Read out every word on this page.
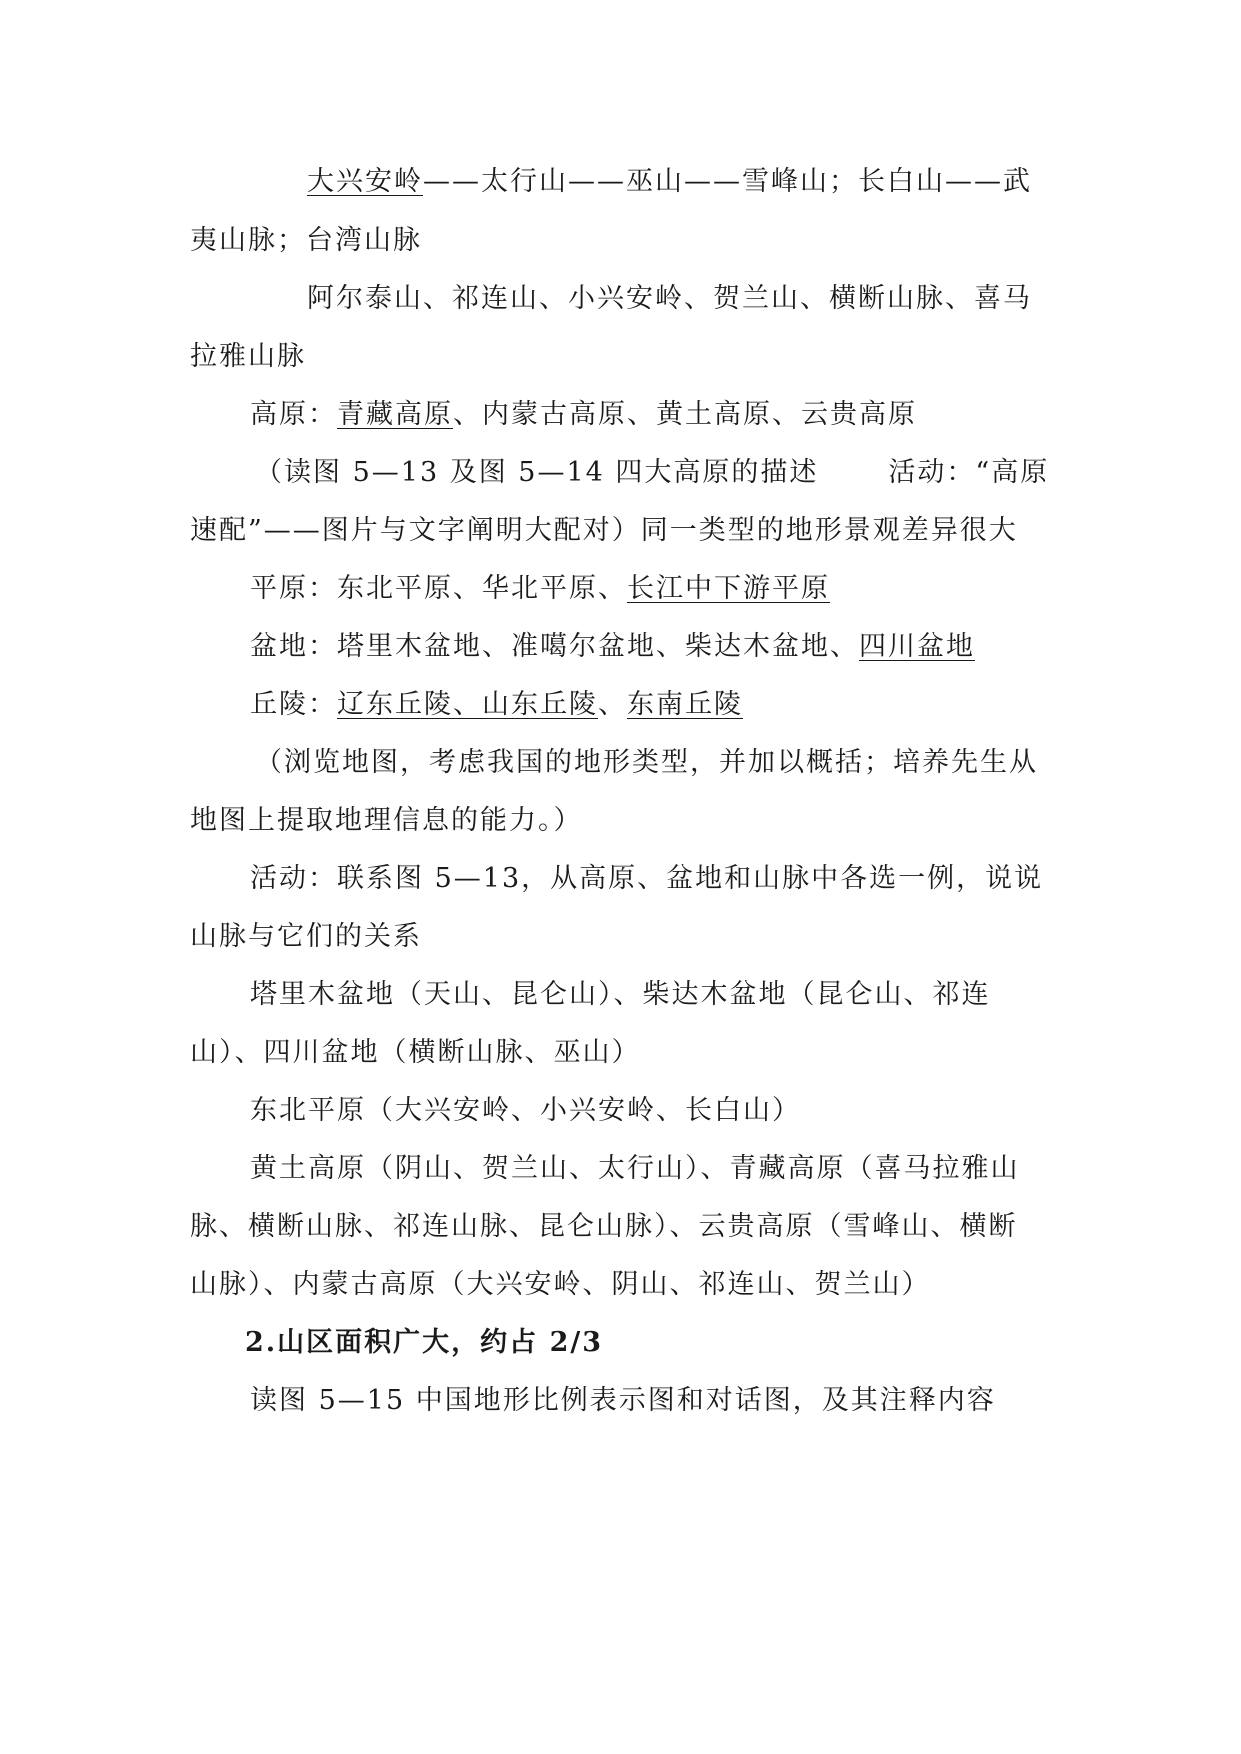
大兴安岭——太行山——巫山——雪峰山；长白山——武
夷山脉；台湾山脉
阿尔泰山、祁连山、小兴安岭、贺兰山、横断山脉、喜马
拉雅山脉
高原：青藏高原、内蒙古高原、黄土高原、云贵高原
（读图 5—13 及图 5—14 四大高原的描述	活动：“高原
速配”——图片与文字阐明大配对）同一类型的地形景观差异很大
平原：东北平原、华北平原、长江中下游平原
盆地：塔里木盆地、准噶尔盆地、柴达木盆地、四川盆地
丘陵：辽东丘陵、山东丘陵、东南丘陵
（浏览地图，考虑我国的地形类型，并加以概括；培养先生从
地图上提取地理信息的能力。）
活动：联系图 5—13，从高原、盆地和山脉中各选一例，说说
山脉与它们的关系
塔里木盆地（天山、昆仑山）、柴达木盆地（昆仑山、祁连
山）、四川盆地（横断山脉、巫山）
东北平原（大兴安岭、小兴安岭、长白山）
黄土高原（阴山、贺兰山、太行山）、青藏高原（喜马拉雅山
脉、横断山脉、祁连山脉、昆仑山脉）、云贵高原（雪峰山、横断
山脉）、内蒙古高原（大兴安岭、阴山、祁连山、贺兰山）
2.山区面积广大，约占 2/3
读图 5—15 中国地形比例表示图和对话图，及其注释内容
